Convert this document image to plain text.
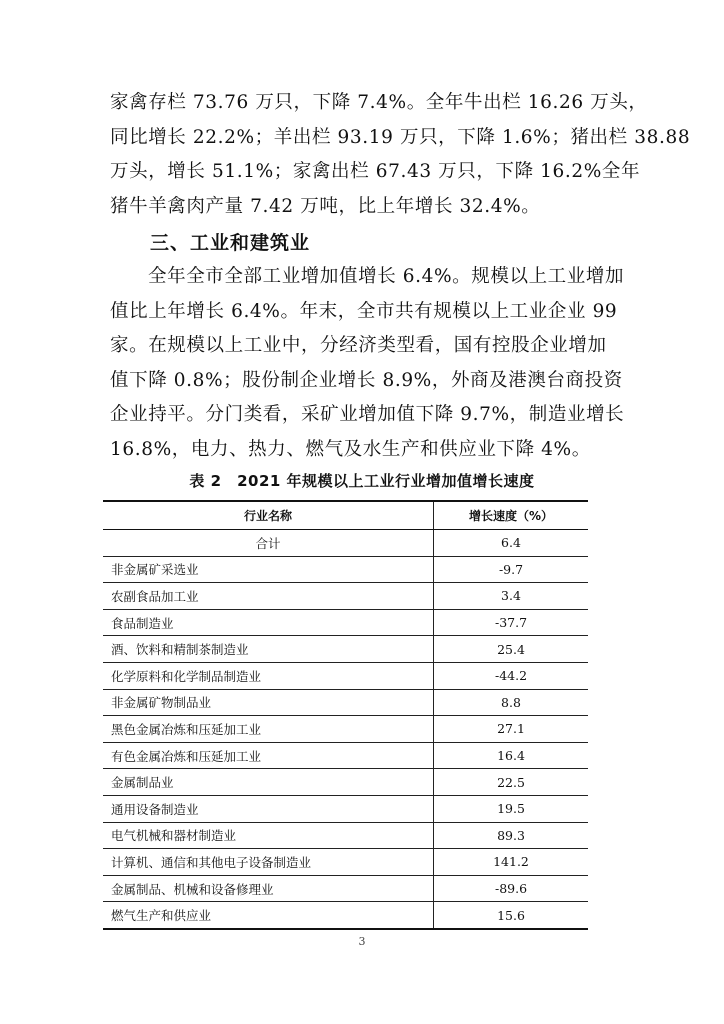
家禽存栏 73.76 万只，下降 7.4%。全年牛出栏 16.26 万头，
同比增长 22.2%；羊出栏 93.19 万只，下降 1.6%；猪出栏 38.88
万头，增长 51.1%；家禽出栏 67.43 万只，下降 16.2%全年
猪牛羊禽肉产量 7.42 万吨，比上年增长 32.4%。

三、工业和建筑业

全年全市全部工业增加值增长 6.4%。规模以上工业增加
值比上年增长 6.4%。年末，全市共有规模以上工业企业 99
家。在规模以上工业中，分经济类型看，国有控股企业增加
值下降 0.8%；股份制企业增长 8.9%，外商及港澳台商投资
企业持平。分门类看，采矿业增加值下降 9.7%，制造业增长
16.8%，电力、热力、燃气及水生产和供应业下降 4%。

表 2　2021 年规模以上工业行业增加值增长速度
行业名称	增长速度（%）
合计	6.4
非金属矿采选业	-9.7
农副食品加工业	3.4
食品制造业	-37.7
酒、饮料和精制茶制造业	25.4
化学原料和化学制品制造业	-44.2
非金属矿物制品业	8.8
黑色金属冶炼和压延加工业	27.1
有色金属冶炼和压延加工业	16.4
金属制品业	22.5
通用设备制造业	19.5
电气机械和器材制造业	89.3
计算机、通信和其他电子设备制造业	141.2
金属制品、机械和设备修理业	-89.6
燃气生产和供应业	15.6
3
